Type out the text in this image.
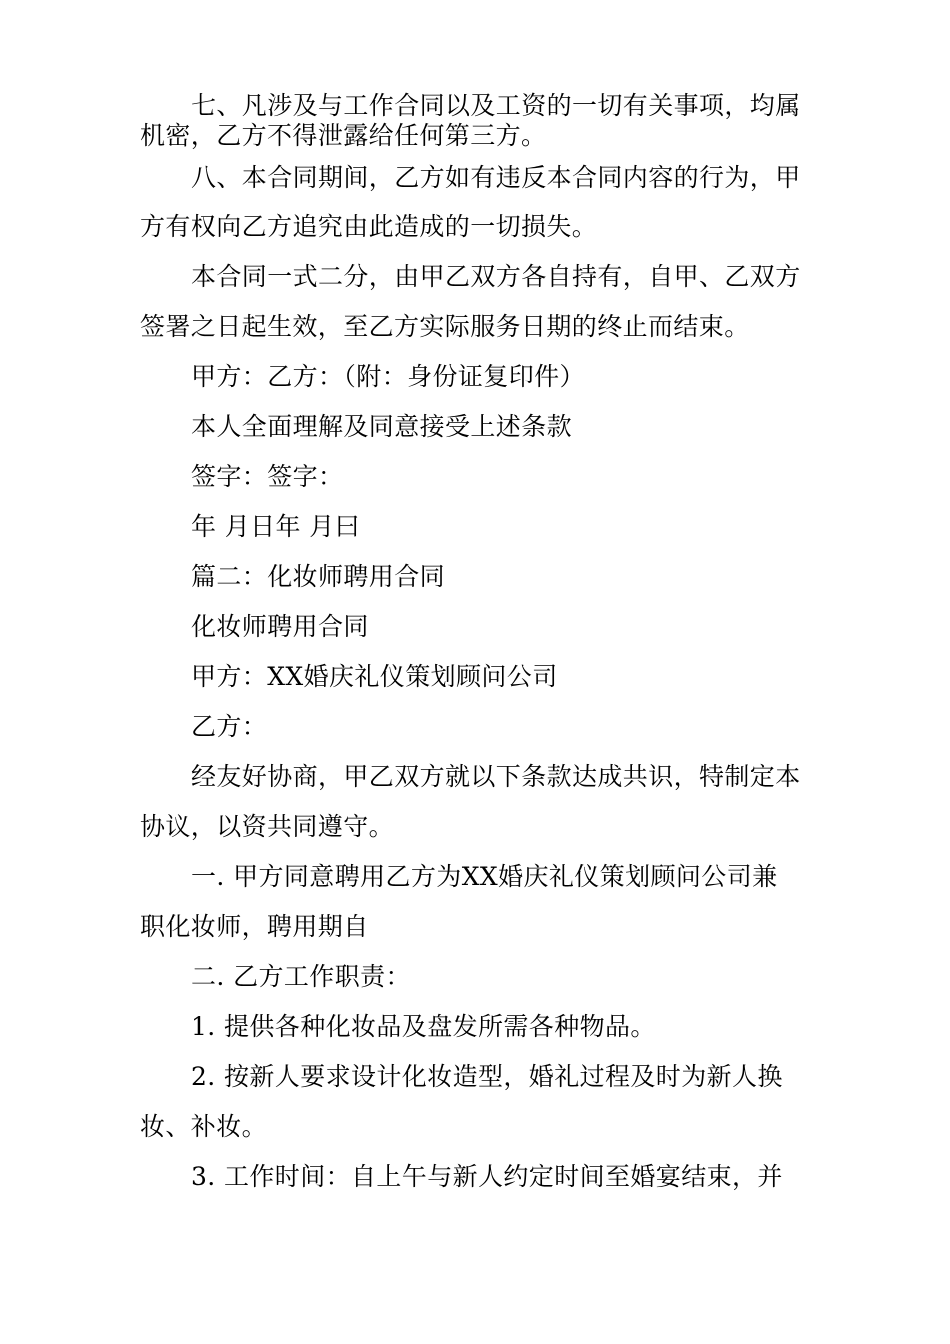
七、凡涉及与工作合同以及工资的一切有关事项，均属
机密，乙方不得泄露给任何第三方。
八、本合同期间，乙方如有违反本合同内容的行为，甲
方有权向乙方追究由此造成的一切损失。
本合同一式二分，由甲乙双方各自持有，自甲、乙双方
签署之日起生效，至乙方实际服务日期的终止而结束。
甲方：乙方：（附：身份证复印件）
本人全面理解及同意接受上述条款
签字：签字：
年 月日年 月曰
篇二：化妆师聘用合同
化妆师聘用合同
甲方：XX婚庆礼仪策划顾问公司
乙方：
经友好协商，甲乙双方就以下条款达成共识，特制定本
协议，以资共同遵守。
一. 甲方同意聘用乙方为XX婚庆礼仪策划顾问公司兼
职化妆师，聘用期自
二. 乙方工作职责：
1. 提供各种化妆品及盘发所需各种物品。
2. 按新人要求设计化妆造型，婚礼过程及时为新人换
妆、补妆。
3. 工作时间：自上午与新人约定时间至婚宴结束，并
